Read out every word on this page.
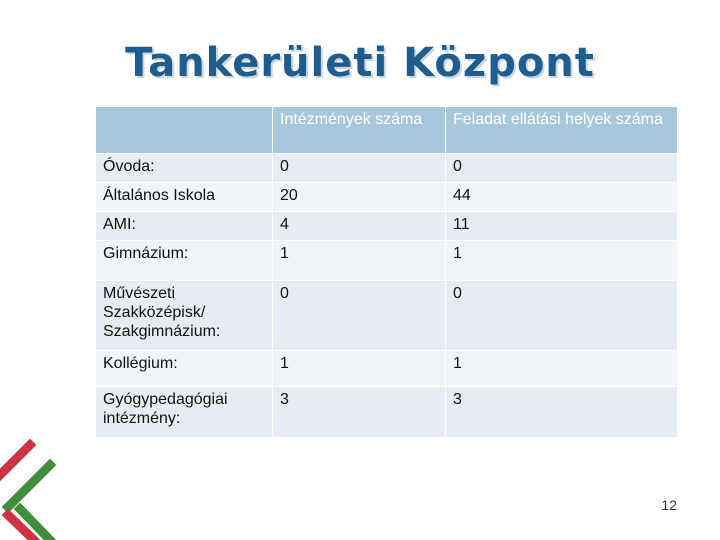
Tankerületi Központ
	Intézmények száma	Feladat ellátási helyek száma
Óvoda:	0	0
Általános Iskola	20	44
AMI:	4	11
Gimnázium:	1	1
Művészeti Szakközépisk/ Szakgimnázium:	0	0
Kollégium:	1	1
Gyógypedagógiai intézmény:	3	3
12
